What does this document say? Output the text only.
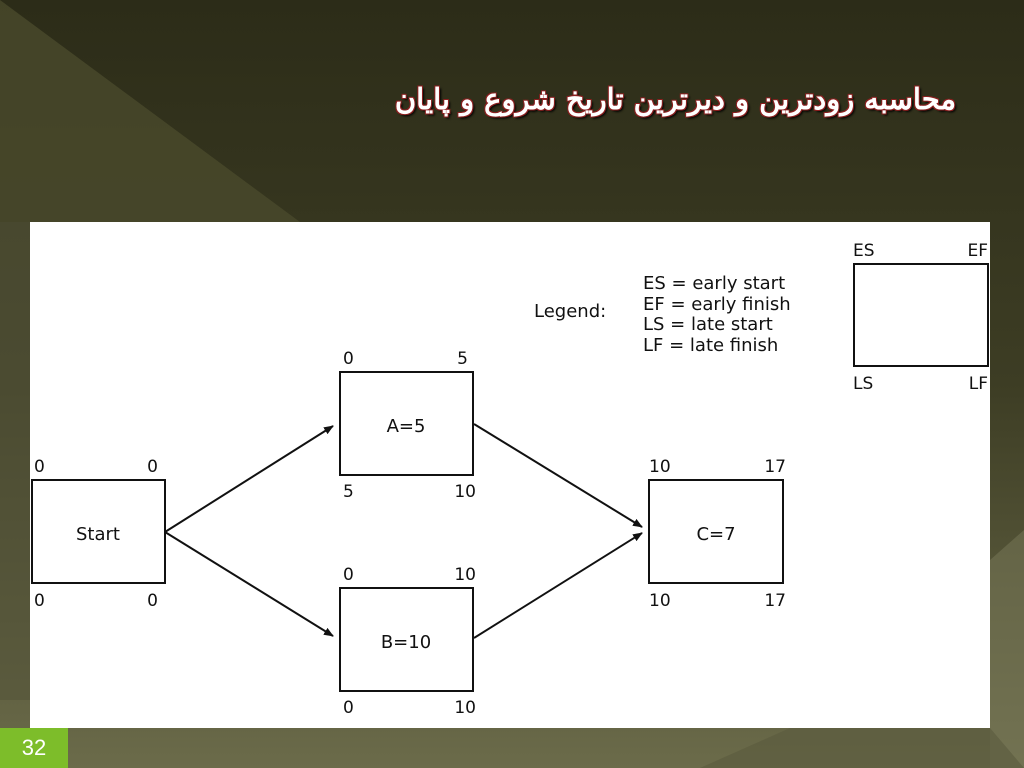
محاسبه زودترین و دیرترین تاریخ شروع و پایان
Start
0	0
0	0
A=5
0	5
5	10
B=10
0	10
0	10
C=7
10	17
10	17
Legend:
ES = early start
EF = early finish
LS = late start
LF = late finish
ES	EF
LS	LF
32
